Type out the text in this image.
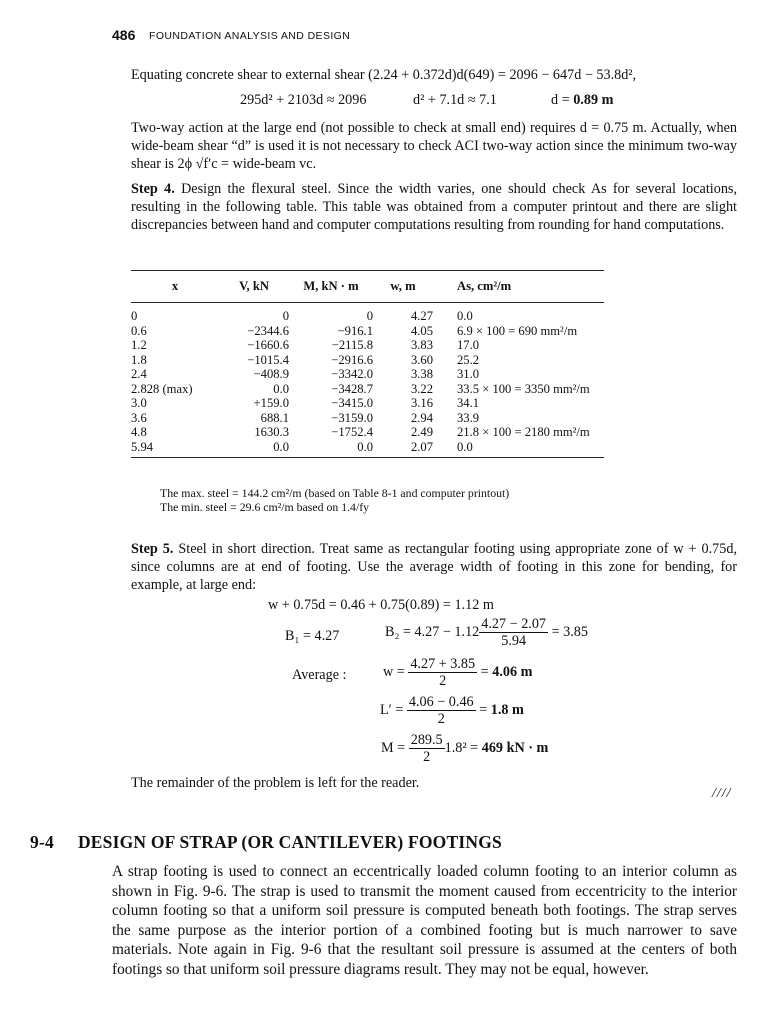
486 FOUNDATION ANALYSIS AND DESIGN
Equating concrete shear to external shear (2.24 + 0.372d)d(649) = 2096 − 647d − 53.8d²,
295d² + 2103d ≈ 2096	d² + 7.1d ≈ 7.1	d = 0.89 m
Two-way action at the large end (not possible to check at small end) requires d = 0.75 m. Actually, when wide-beam shear “d” is used it is not necessary to check ACI two-way action since the minimum two-way shear is 2ϕ √f′c = wide-beam vc.
Step 4. Design the flexural steel. Since the width varies, one should check As for several locations, resulting in the following table. This table was obtained from a computer printout and there are slight discrepancies between hand and computer computations resulting from rounding for hand computations.
x	V, kN	M, kN · m	w, m	As, cm²/m
0	0	0	4.27	0.0
0.6	−2344.6	−916.1	4.05	6.9 × 100 = 690 mm²/m
1.2	−1660.6	−2115.8	3.83	17.0
1.8	−1015.4	−2916.6	3.60	25.2
2.4	−408.9	−3342.0	3.38	31.0
2.828 (max)	0.0	−3428.7	3.22	33.5 × 100 = 3350 mm²/m
3.0	+159.0	−3415.0	3.16	34.1
3.6	688.1	−3159.0	2.94	33.9
4.8	1630.3	−1752.4	2.49	21.8 × 100 = 2180 mm²/m
5.94	0.0	0.0	2.07	0.0
The max. steel = 144.2 cm²/m (based on Table 8-1 and computer printout)
The min. steel = 29.6 cm²/m based on 1.4/fy
Step 5. Steel in short direction. Treat same as rectangular footing using appropriate zone of w + 0.75d, since columns are at end of footing. Use the average width of footing in this zone for bending, for example, at large end:
w + 0.75d = 0.46 + 0.75(0.89) = 1.12 m
B₁ = 4.27	$B_2 = 4.27 - 1.12 \frac{4.27 - 2.07}{5.94} = 3.85$
Average :	$w = \frac{4.27 + 3.85}{2} = 4.06$ m
$L' = \frac{4.06 - 0.46}{2} = 1.8$ m
$M = \frac{289.5}{2} 1.8^2 = 469$ kN · m
The remainder of the problem is left for the reader.
////
9-4 DESIGN OF STRAP (OR CANTILEVER) FOOTINGS
A strap footing is used to connect an eccentrically loaded column footing to an interior column as shown in Fig. 9-6. The strap is used to transmit the moment caused from eccentricity to the interior column footing so that a uniform soil pressure is computed beneath both footings. The strap serves the same purpose as the interior portion of a combined footing but is much narrower to save materials. Note again in Fig. 9-6 that the resultant soil pressure is assumed at the centers of both footings so that uniform soil pressure diagrams result. They may not be equal, however.
